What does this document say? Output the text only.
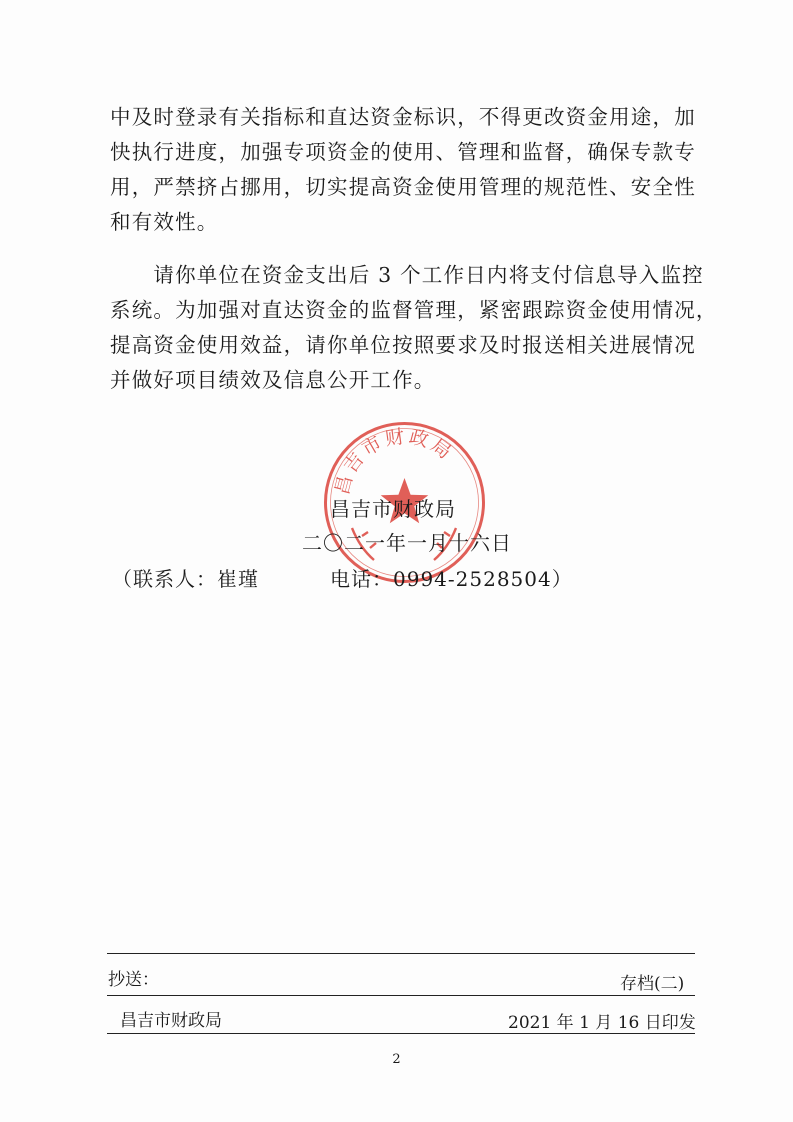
中及时登录有关指标和直达资金标识，不得更改资金用途，加
快执行进度，加强专项资金的使用、管理和监督，确保专款专
用，严禁挤占挪用，切实提高资金使用管理的规范性、安全性
和有效性。
　　请你单位在资金支出后 3 个工作日内将支付信息导入监控
系统。为加强对直达资金的监督管理，紧密跟踪资金使用情况，
提高资金使用效益，请你单位按照要求及时报送相关进展情况
并做好项目绩效及信息公开工作。
昌吉市财政局
昌吉市财政局
二〇二一年一月十六日
（联系人：崔瑾	电话：0994-2528504）
抄送：	存档(二)
昌吉市财政局	2021 年 1 月 16 日印发
2
